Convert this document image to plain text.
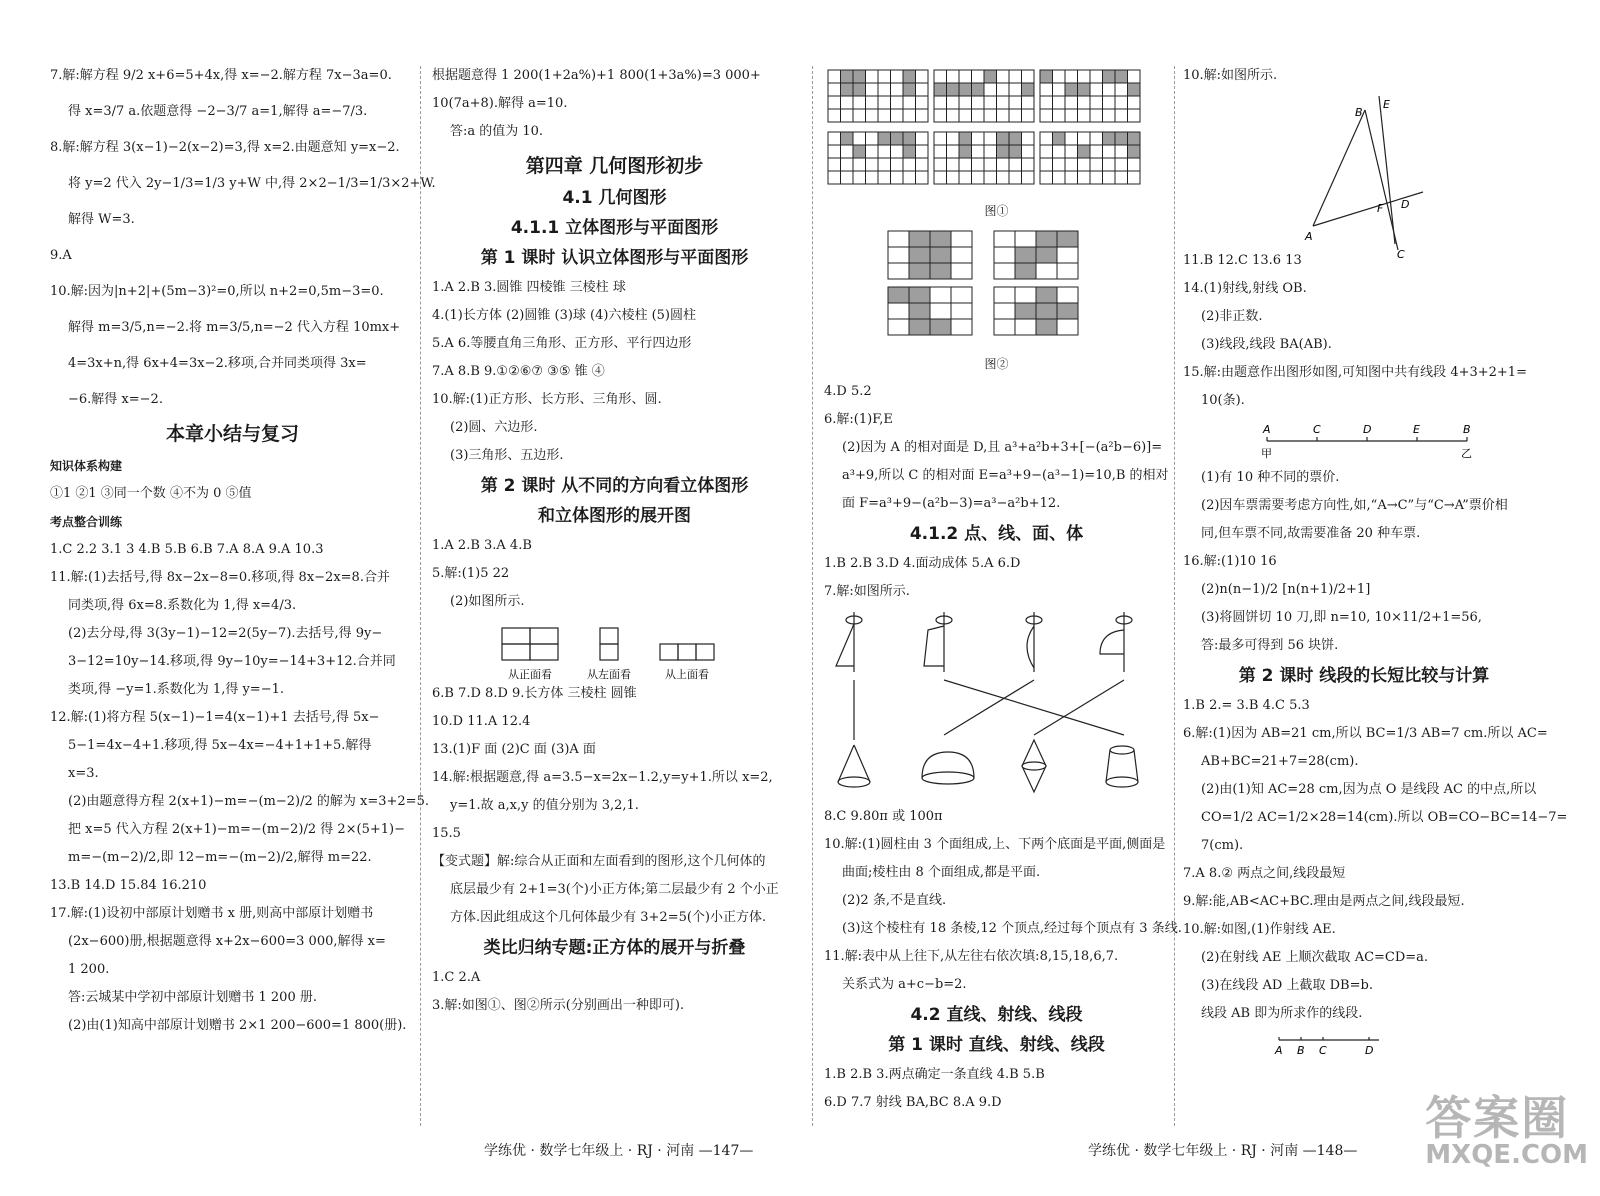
7.解:解方程 9/2 x+6=5+4x,得 x=−2.解方程 7x−3a=0.
得 x=3/7 a.依题意得 −2−3/7 a=1,解得 a=−7/3.
8.解:解方程 3(x−1)−2(x−2)=3,得 x=2.由题意知 y=x−2.
将 y=2 代入 2y−1/3=1/3 y+W 中,得 2×2−1/3=1/3×2+W.
解得 W=3.
9.A
10.解:因为|n+2|+(5m−3)²=0,所以 n+2=0,5m−3=0.
解得 m=3/5,n=−2.将 m=3/5,n=−2 代入方程 10mx+
4=3x+n,得 6x+4=3x−2.移项,合并同类项得 3x=
−6.解得 x=−2.
本章小结与复习
知识体系构建
①1 ②1 ③同一个数 ④不为 0 ⑤值
考点整合训练
1.C 2.2 3.1 3 4.B 5.B 6.B 7.A 8.A 9.A 10.3
11.解:(1)去括号,得 8x−2x−8=0.移项,得 8x−2x=8.合并
同类项,得 6x=8.系数化为 1,得 x=4/3.
(2)去分母,得 3(3y−1)−12=2(5y−7).去括号,得 9y−
3−12=10y−14.移项,得 9y−10y=−14+3+12.合并同
类项,得 −y=1.系数化为 1,得 y=−1.
12.解:(1)将方程 5(x−1)−1=4(x−1)+1 去括号,得 5x−
5−1=4x−4+1.移项,得 5x−4x=−4+1+1+5.解得
x=3.
(2)由题意得方程 2(x+1)−m=−(m−2)/2 的解为 x=3+2=5.
把 x=5 代入方程 2(x+1)−m=−(m−2)/2 得 2×(5+1)−
m=−(m−2)/2,即 12−m=−(m−2)/2,解得 m=22.
13.B 14.D 15.84 16.210
17.解:(1)设初中部原计划赠书 x 册,则高中部原计划赠书
(2x−600)册,根据题意得 x+2x−600=3 000,解得 x=
1 200.
答:云城某中学初中部原计划赠书 1 200 册.
(2)由(1)知高中部原计划赠书 2×1 200−600=1 800(册).
根据题意得 1 200(1+2a%)+1 800(1+3a%)=3 000+
10(7a+8).解得 a=10.
答:a 的值为 10.
第四章 几何图形初步
4.1 几何图形
4.1.1 立体图形与平面图形
第 1 课时 认识立体图形与平面图形
1.A 2.B 3.圆锥 四棱锥 三棱柱 球
4.(1)长方体 (2)圆锥 (3)球 (4)六棱柱 (5)圆柱
5.A 6.等腰直角三角形、正方形、平行四边形
7.A 8.B 9.①②⑥⑦ ③⑤ 锥 ④
10.解:(1)正方形、长方形、三角形、圆.
(2)圆、六边形.
(3)三角形、五边形.
第 2 课时 从不同的方向看立体图形
和立体图形的展开图
1.A 2.B 3.A 4.B
5.解:(1)5 22
(2)如图所示.
从正面看	从左面看	从上面看
6.B 7.D 8.D 9.长方体 三棱柱 圆锥
10.D 11.A 12.4
13.(1)F 面 (2)C 面 (3)A 面
14.解:根据题意,得 a=3.5−x=2x−1.2,y=y+1.所以 x=2,
y=1.故 a,x,y 的值分别为 3,2,1.
15.5
【变式题】解:综合从正面和左面看到的图形,这个几何体的
底层最少有 2+1=3(个)小正方体;第二层最少有 2 个小正
方体.因此组成这个几何体最少有 3+2=5(个)小正方体.
类比归纳专题:正方体的展开与折叠
1.C 2.A
3.解:如图①、图②所示(分别画出一种即可).
图①
图②
4.D 5.2
6.解:(1)F,E
(2)因为 A 的相对面是 D,且 a³+a²b+3+[−(a²b−6)]=
a³+9,所以 C 的相对面 E=a³+9−(a³−1)=10,B 的相对
面 F=a³+9−(a²b−3)=a³−a²b+12.
4.1.2 点、线、面、体
1.B 2.B 3.D 4.面动成体 5.A 6.D
7.解:如图所示.
8.C 9.80π 或 100π
10.解:(1)圆柱由 3 个面组成,上、下两个底面是平面,侧面是
曲面;棱柱由 8 个面组成,都是平面.
(2)2 条,不是直线.
(3)这个棱柱有 18 条棱,12 个顶点,经过每个顶点有 3 条线.
11.解:表中从上往下,从左往右依次填:8,15,18,6,7.
关系式为 a+c−b=2.
4.2 直线、射线、线段
第 1 课时 直线、射线、线段
1.B 2.B 3.两点确定一条直线 4.B 5.B
6.D 7.7 射线 BA,BC 8.A 9.D
10.解:如图所示.
B
E
F D
A
C
11.B 12.C 13.6 13
14.(1)射线,射线 OB.
(2)非正数.
(3)线段,线段 BA(AB).
15.解:由题意作出图形如图,可知图中共有线段 4+3+2+1=
10(条).
A	C	D	E	B
甲	乙
(1)有 10 种不同的票价.
(2)因车票需要考虑方向性,如,“A→C”与“C→A”票价相
同,但车票不同,故需要准备 20 种车票.
16.解:(1)10 16
(2)n(n−1)/2 [n(n+1)/2+1]
(3)将圆饼切 10 刀,即 n=10, 10×11/2+1=56,
答:最多可得到 56 块饼.
第 2 课时 线段的长短比较与计算
1.B 2.= 3.B 4.C 5.3
6.解:(1)因为 AB=21 cm,所以 BC=1/3 AB=7 cm.所以 AC=
AB+BC=21+7=28(cm).
(2)由(1)知 AC=28 cm,因为点 O 是线段 AC 的中点,所以
CO=1/2 AC=1/2×28=14(cm).所以 OB=CO−BC=14−7=
7(cm).
7.A 8.② 两点之间,线段最短
9.解:能,AB<AC+BC.理由是两点之间,线段最短.
10.解:如图,(1)作射线 AE.
(2)在射线 AE 上顺次截取 AC=CD=a.
(3)在线段 AD 上截取 DB=b.
线段 AB 即为所求作的线段.
A B C	D
学练优 · 数学七年级上 · RJ · 河南 —147—	学练优 · 数学七年级上 · RJ · 河南 —148—
答案圈
MXQE.COM
